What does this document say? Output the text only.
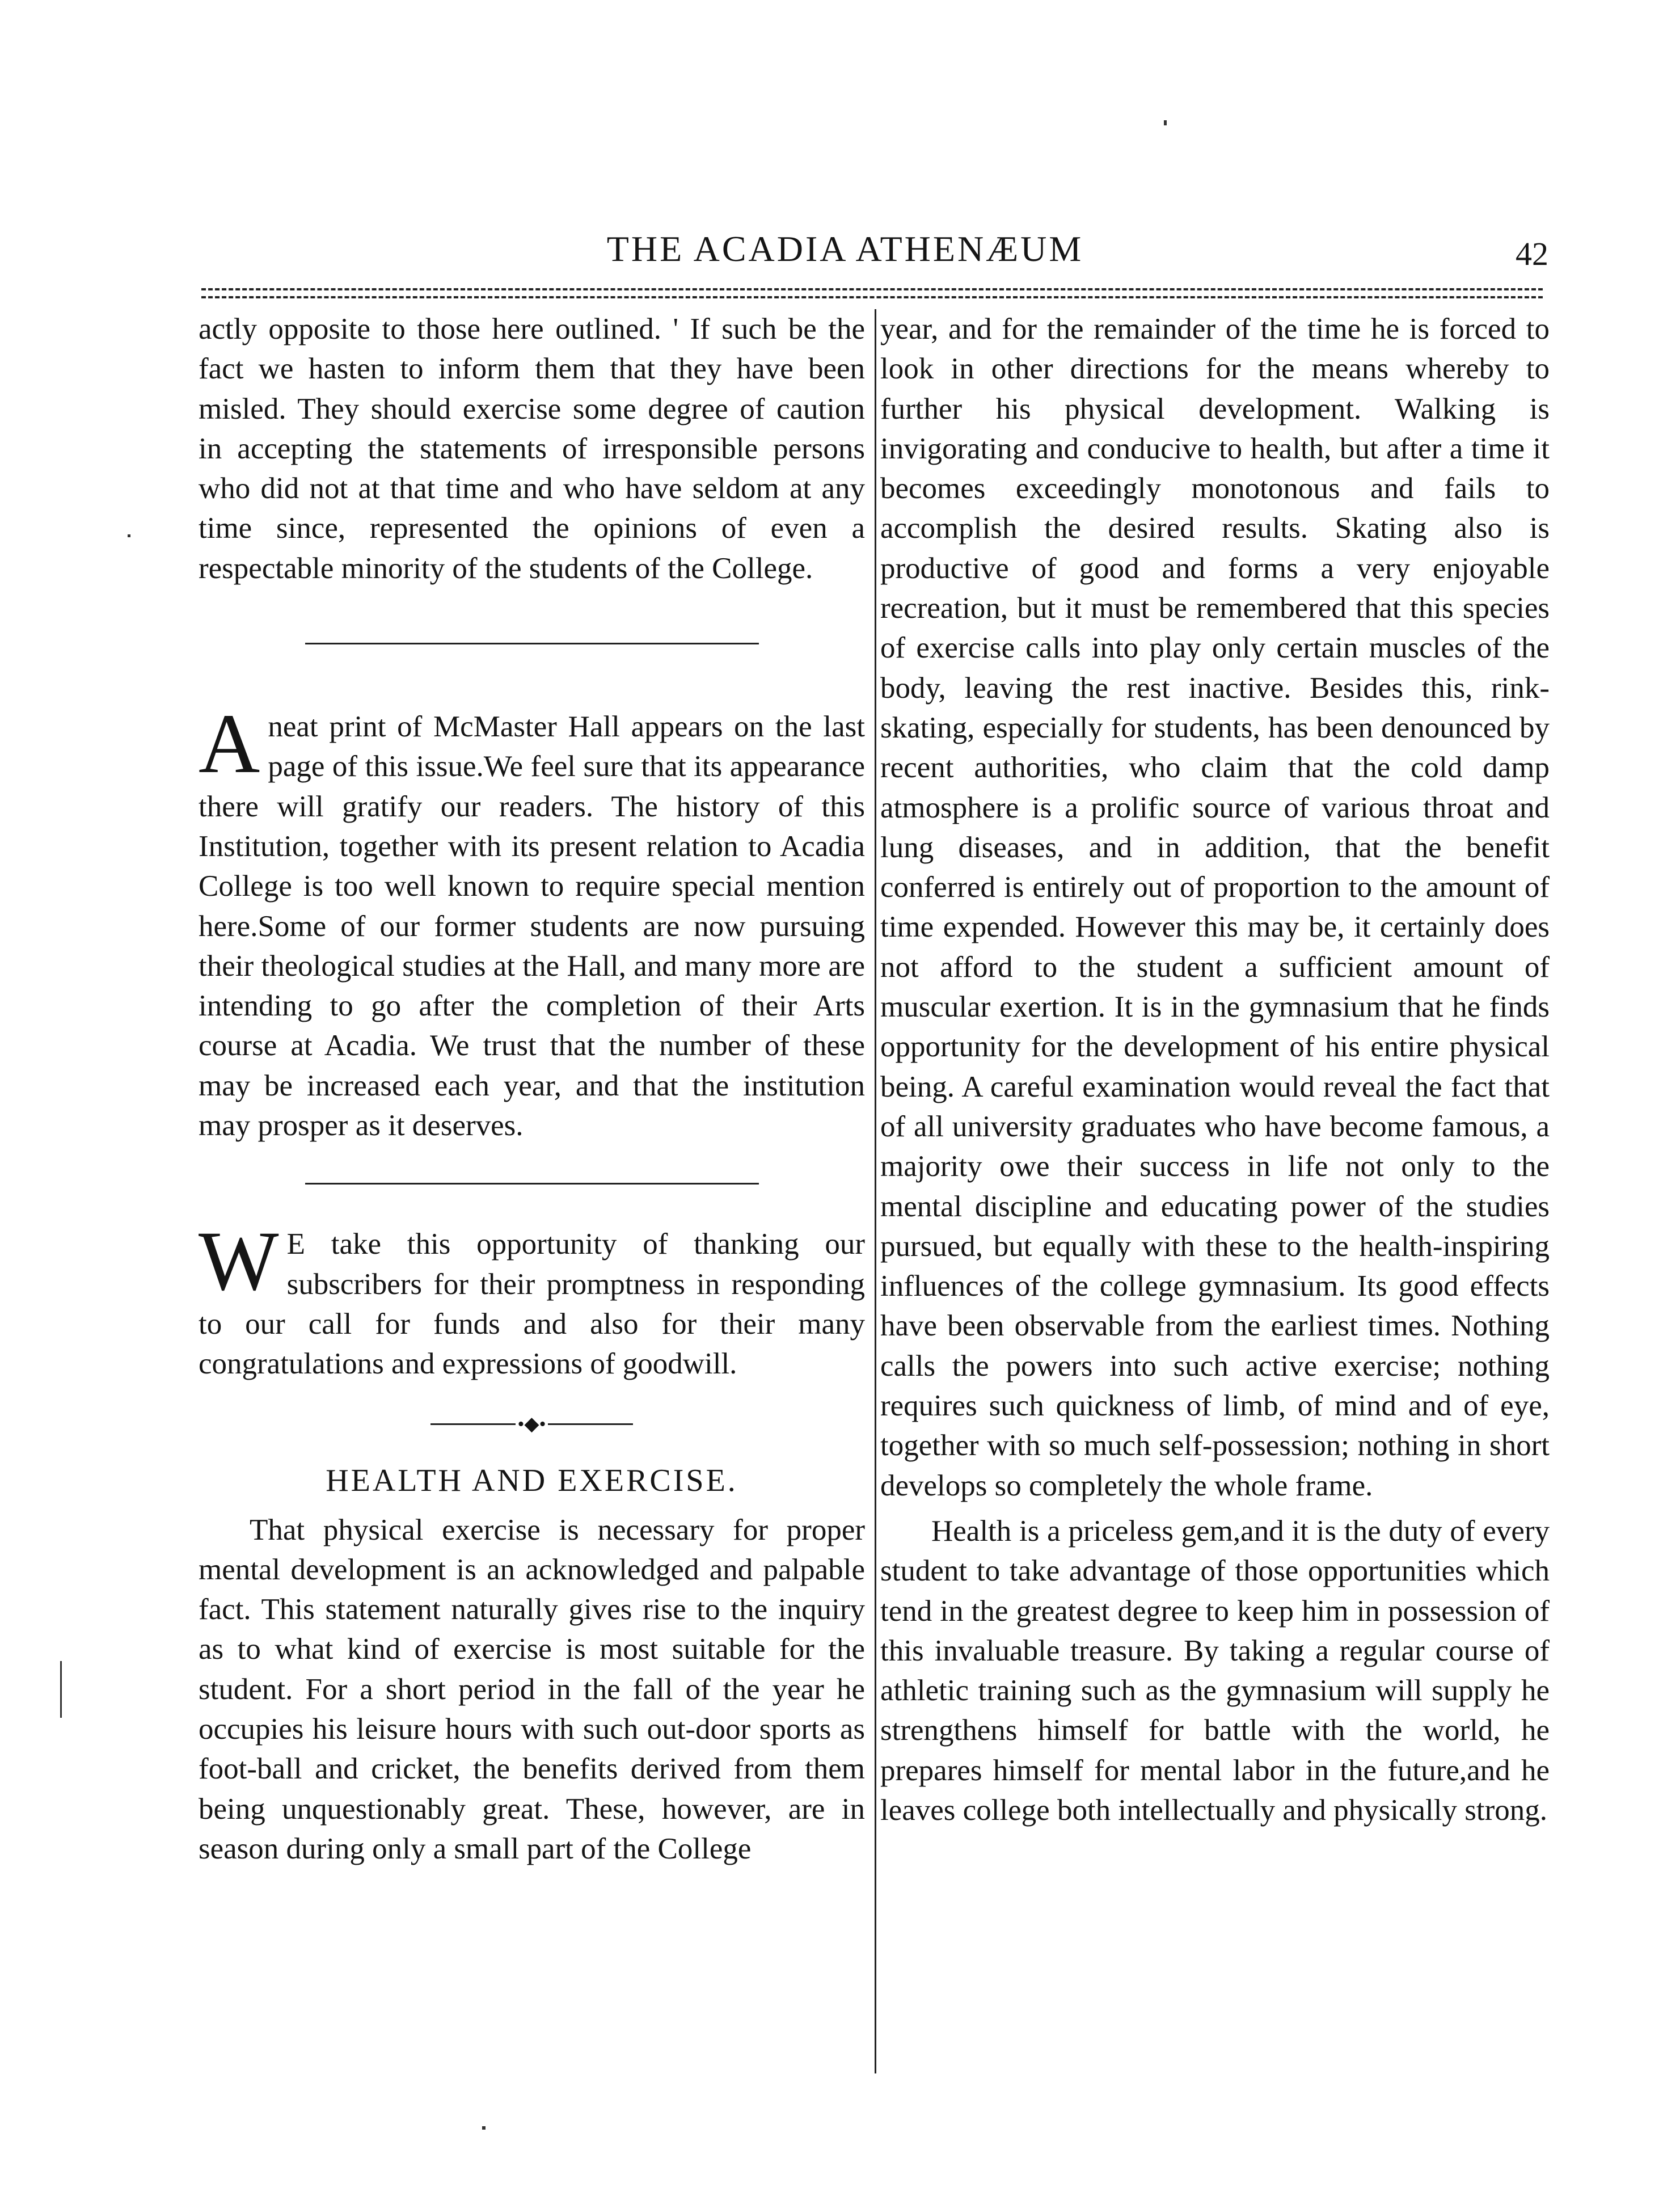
THE ACADIA ATHENÆUM	42

actly opposite to those here outlined. ' If such be the fact we hasten to inform them that they have been misled. They should exercise some degree of caution in accepting the statements of irresponsible persons who did not at that time and who have seldom at any time since, represented the opinions of even a respectable minority of the students of the College.

Aneat print of McMaster Hall appears on the last page of this issue.We feel sure that its appearance there will gratify our readers. The history of this Institution, together with its present relation to Acadia College is too well known to require special mention here.Some of our former students are now pursuing their theological studies at the Hall, and many more are intending to go after the completion of their Arts course at Acadia. We trust that the number of these may be increased each year, and that the institution may prosper as it deserves.

W E take this opportunity of thanking our subscribers for their promptness in responding to our call for funds and also for their many congratulations and expressions of goodwill.

•◆•
HEALTH AND EXERCISE.

That physical exercise is necessary for proper mental development is an acknowledged and palpable fact. This statement naturally gives rise to the inquiry as to what kind of exercise is most suitable for the student. For a short period in the fall of the year he occupies his leisure hours with such out-door sports as foot-ball and cricket, the benefits derived from them being unquestionably great. These, however, are in season during only a small part of the College

year, and for the remainder of the time he is forced to look in other directions for the means whereby to further his physical development. Walking is invigorating and conducive to health, but after a time it becomes exceedingly monotonous and fails to accomplish the desired results. Skating also is productive of good and forms a very enjoyable recreation, but it must be remembered that this species of exercise calls into play only certain muscles of the body, leaving the rest inactive. Besides this, rink-skating, especially for students, has been denounced by recent authorities, who claim that the cold damp atmosphere is a prolific source of various throat and lung diseases, and in addition, that the benefit conferred is entirely out of proportion to the amount of time expended. However this may be, it certainly does not afford to the student a sufficient amount of muscular exertion. It is in the gymnasium that he finds opportunity for the development of his entire physical being. A careful examination would reveal the fact that of all university graduates who have become famous, a majority owe their success in life not only to the mental discipline and educating power of the studies pursued, but equally with these to the health-inspiring influences of the college gymnasium. Its good effects have been observable from the earliest times. Nothing calls the powers into such active exercise; nothing requires such quickness of limb, of mind and of eye, together with so much self-possession; nothing in short develops so completely the whole frame.

Health is a priceless gem,and it is the duty of every student to take advantage of those opportunities which tend in the greatest degree to keep him in possession of this invaluable treasure. By taking a regular course of athletic training such as the gymnasium will supply he strengthens himself for battle with the world, he prepares himself for mental labor in the future,and he leaves college both intellectually and physically strong.
